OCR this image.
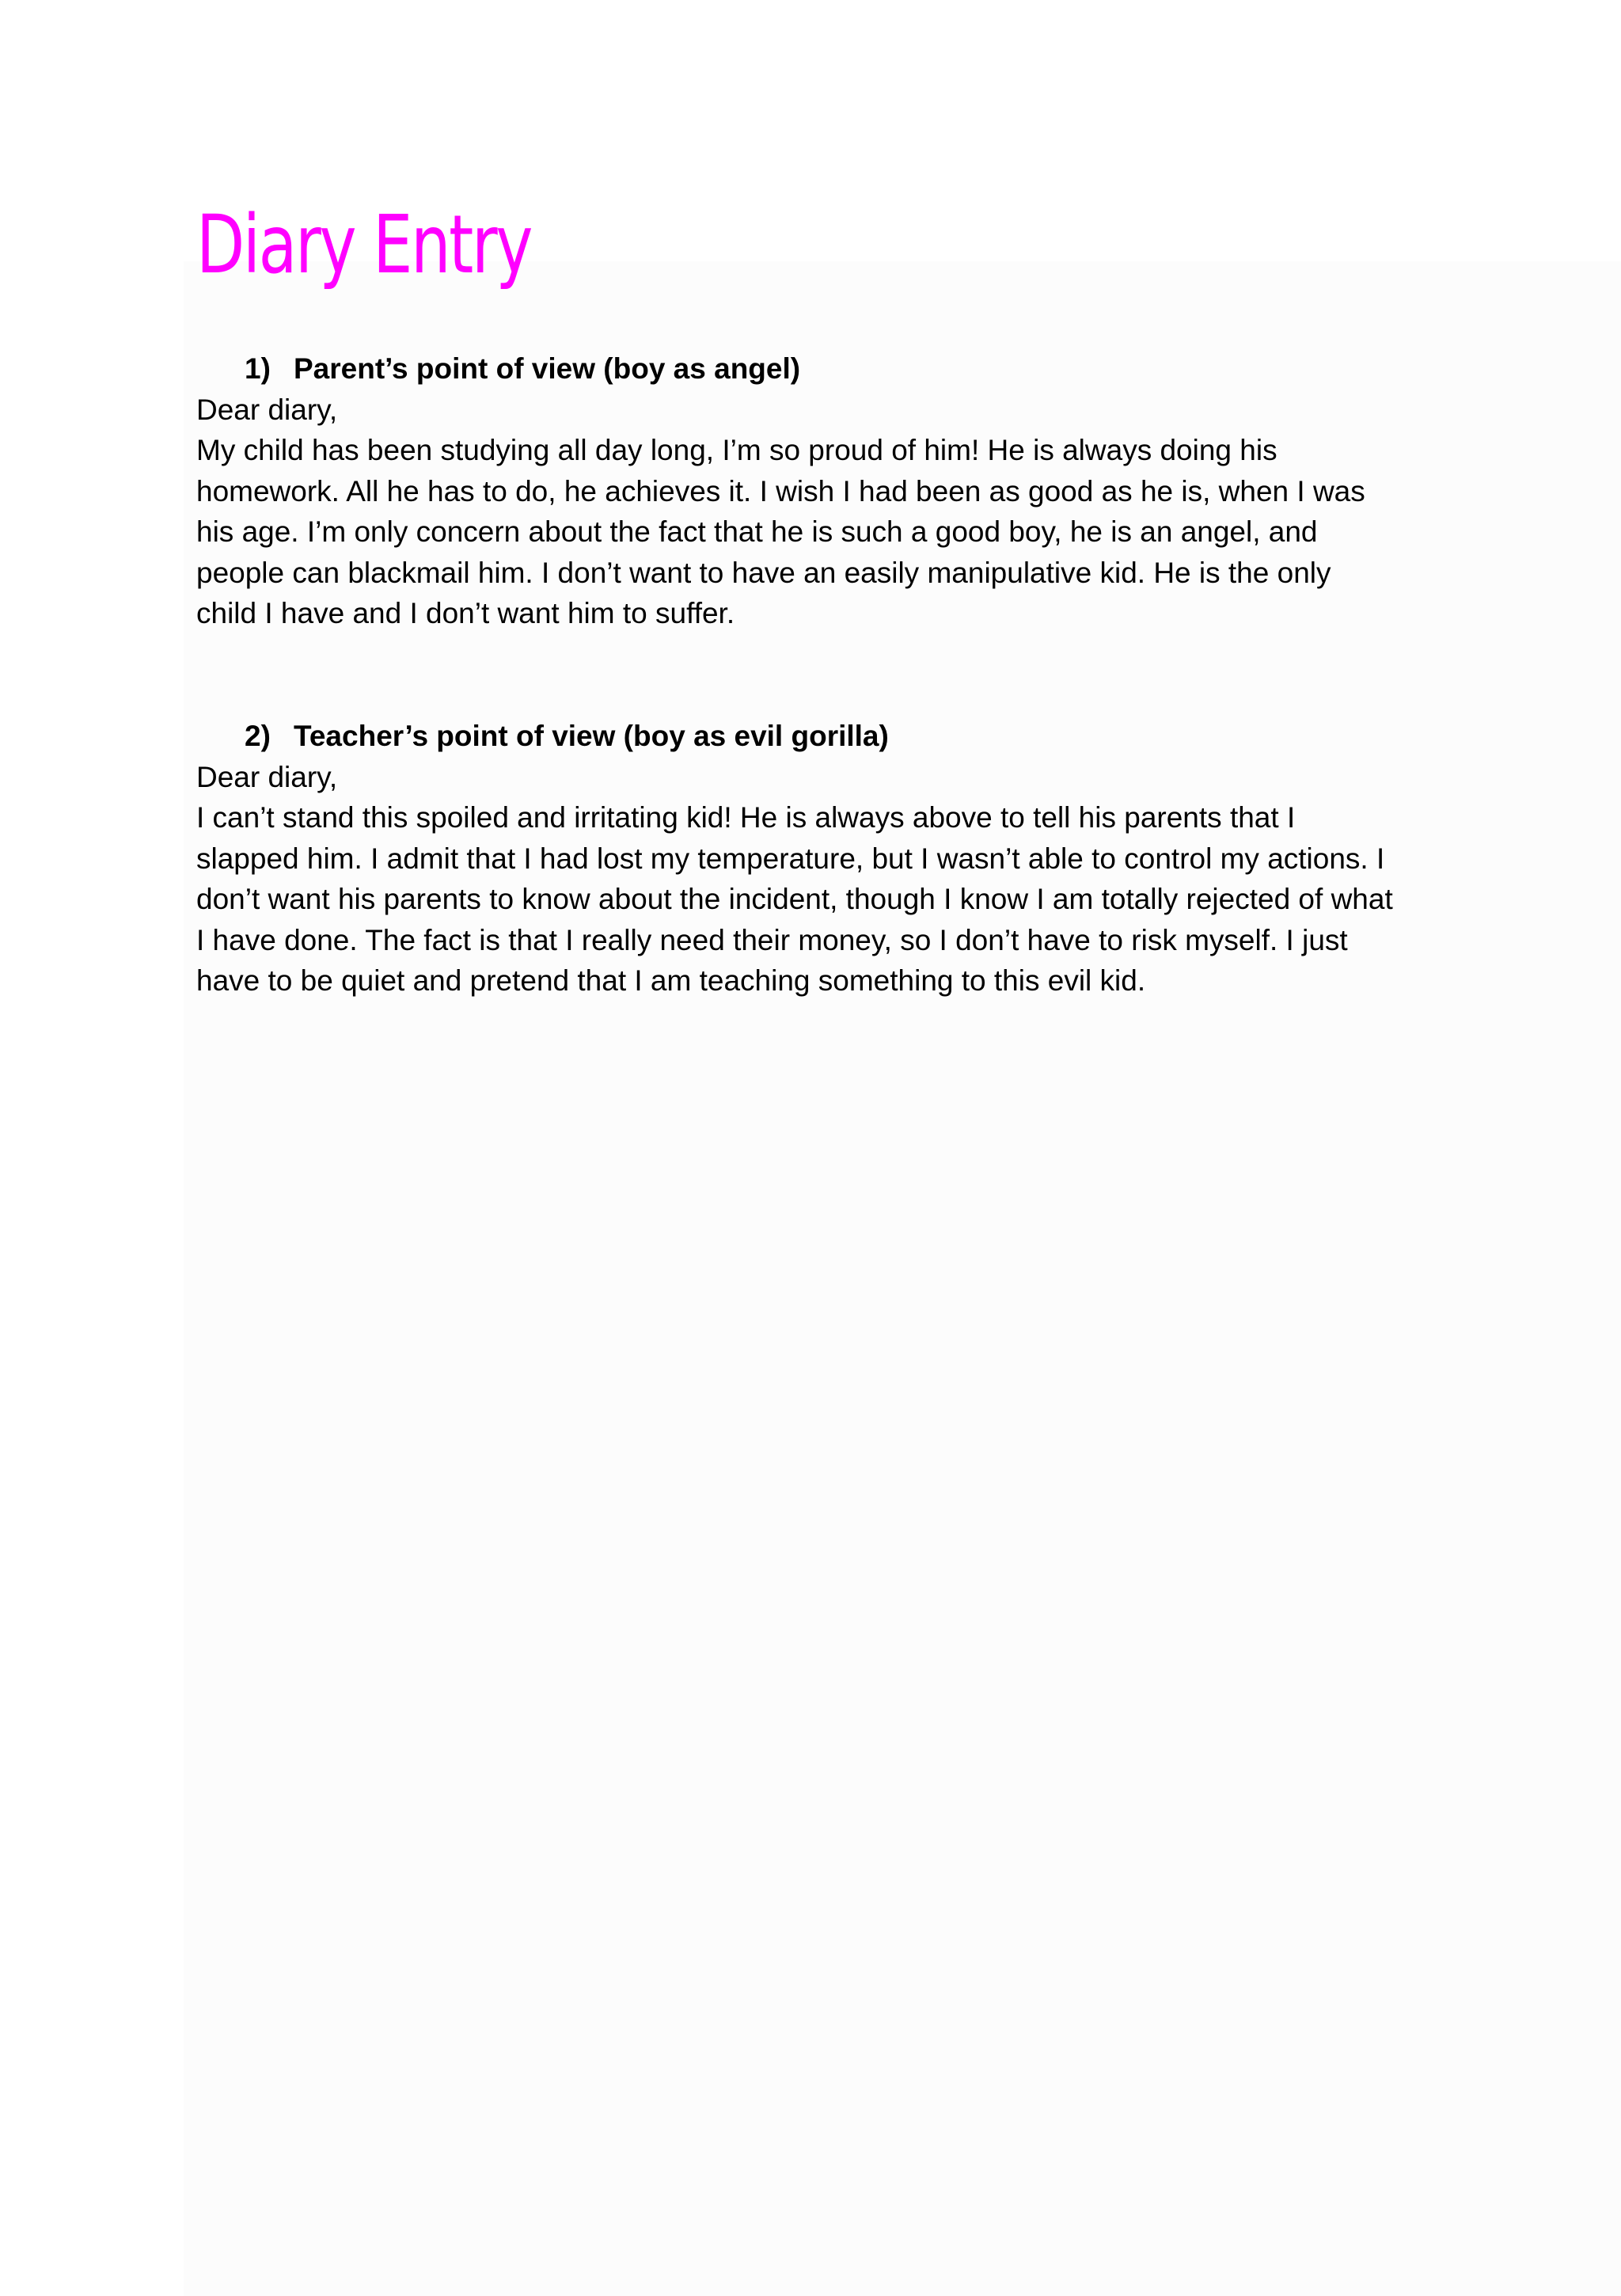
Diary Entry

1) Parent’s point of view (boy as angel)

Dear diary,

My child has been studying all day long, I’m so proud of him! He is always doing his
homework. All he has to do, he achieves it. I wish I had been as good as he is, when I was
his age. I’m only concern about the fact that he is such a good boy, he is an angel, and
people can blackmail him. I don’t want to have an easily manipulative kid. He is the only
child I have and I don’t want him to suffer.

2) Teacher’s point of view (boy as evil gorilla)

Dear diary,

I can’t stand this spoiled and irritating kid! He is always above to tell his parents that I
slapped him. I admit that I had lost my temperature, but I wasn’t able to control my actions. I
don’t want his parents to know about the incident, though I know I am totally rejected of what
I have done. The fact is that I really need their money, so I don’t have to risk myself. I just
have to be quiet and pretend that I am teaching something to this evil kid.
